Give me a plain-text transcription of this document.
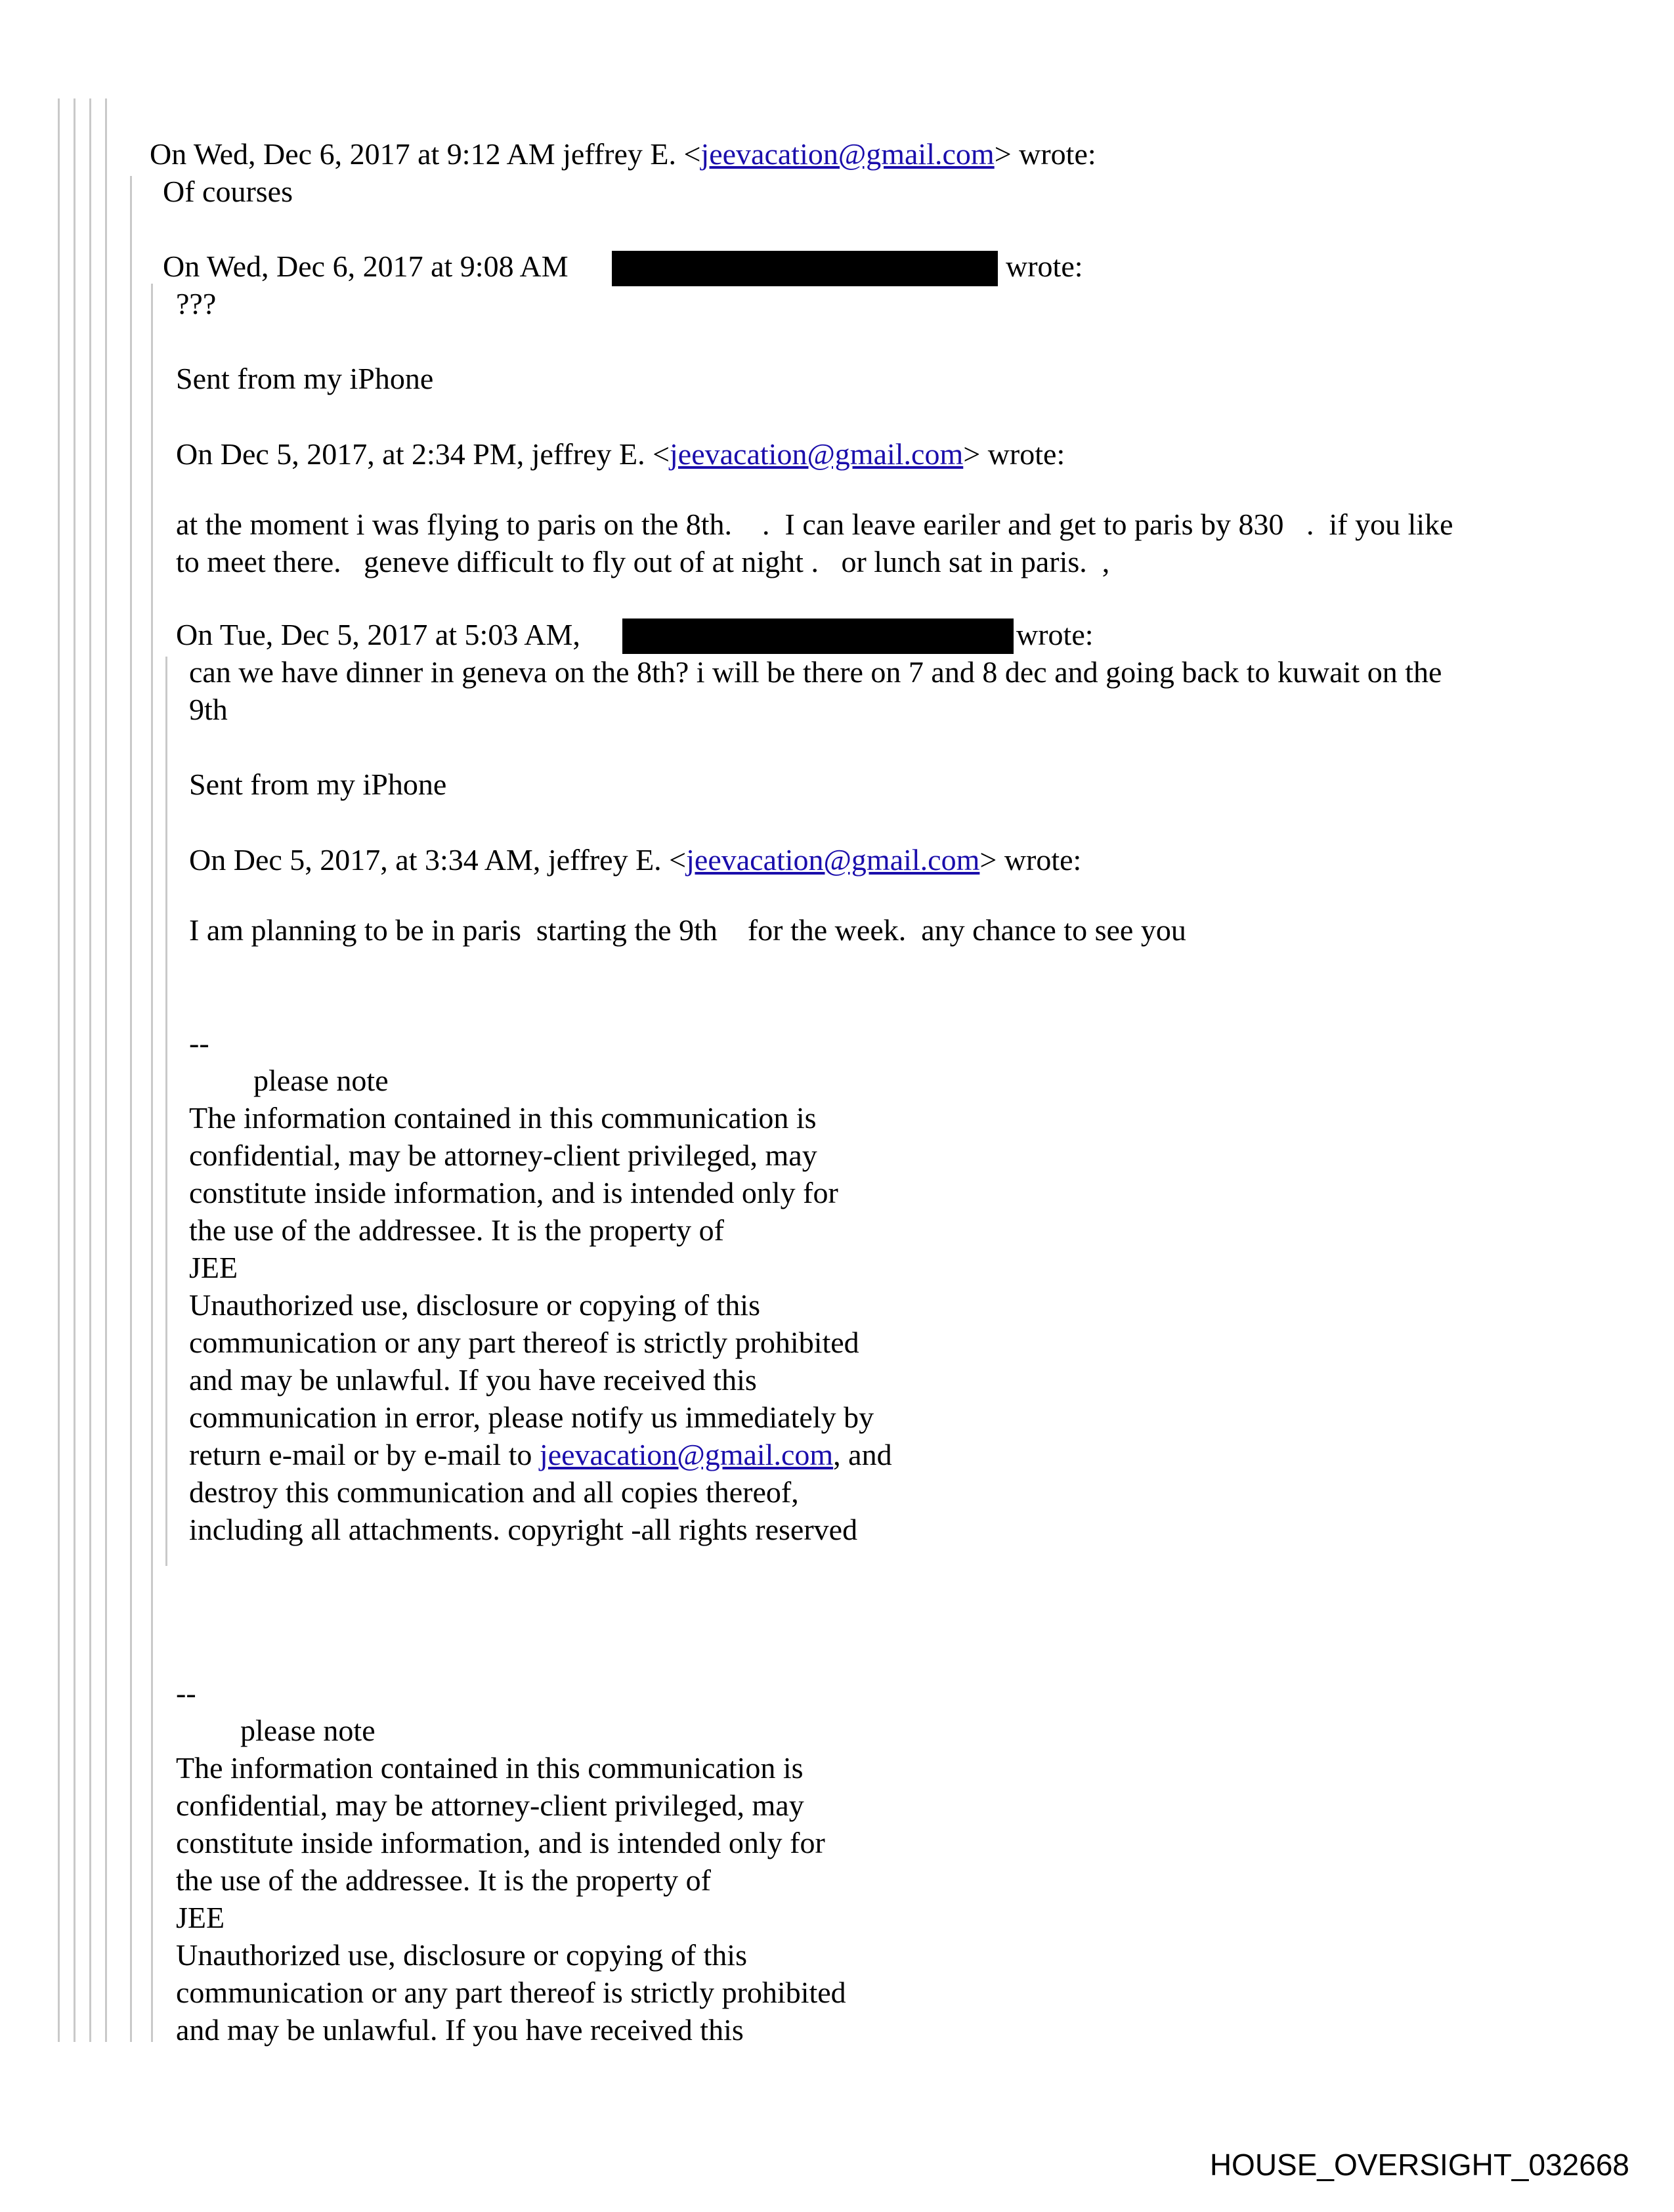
On Wed, Dec 6, 2017 at 9:12 AM jeffrey E. <jeevacation@gmail.com> wrote:

Of courses

On Wed, Dec 6, 2017 at 9:08 AM	wrote:

???

Sent from my iPhone

On Dec 5, 2017, at 2:34 PM, jeffrey E. <jeevacation@gmail.com> wrote:

at the moment i was flying to paris on the 8th.    .  I can leave eariler and get to paris by 830   .  if you like

to meet there.   geneve difficult to fly out of at night .   or lunch sat in paris.  ,

On Tue, Dec 5, 2017 at 5:03 AM,	wrote:

can we have dinner in geneva on the 8th? i will be there on 7 and 8 dec and going back to kuwait on the

9th

Sent from my iPhone

On Dec 5, 2017, at 3:34 AM, jeffrey E. <jeevacation@gmail.com> wrote:

I am planning to be in paris  starting the 9th    for the week.  any chance to see you

--

please note

The information contained in this communication is

confidential, may be attorney-client privileged, may

constitute inside information, and is intended only for

the use of the addressee. It is the property of

JEE

Unauthorized use, disclosure or copying of this

communication or any part thereof is strictly prohibited

and may be unlawful. If you have received this

communication in error, please notify us immediately by

return e-mail or by e-mail to jeevacation@gmail.com, and

destroy this communication and all copies thereof,

including all attachments. copyright -all rights reserved

--

please note

The information contained in this communication is

confidential, may be attorney-client privileged, may

constitute inside information, and is intended only for

the use of the addressee. It is the property of

JEE

Unauthorized use, disclosure or copying of this

communication or any part thereof is strictly prohibited

and may be unlawful. If you have received this

HOUSE_OVERSIGHT_032668
